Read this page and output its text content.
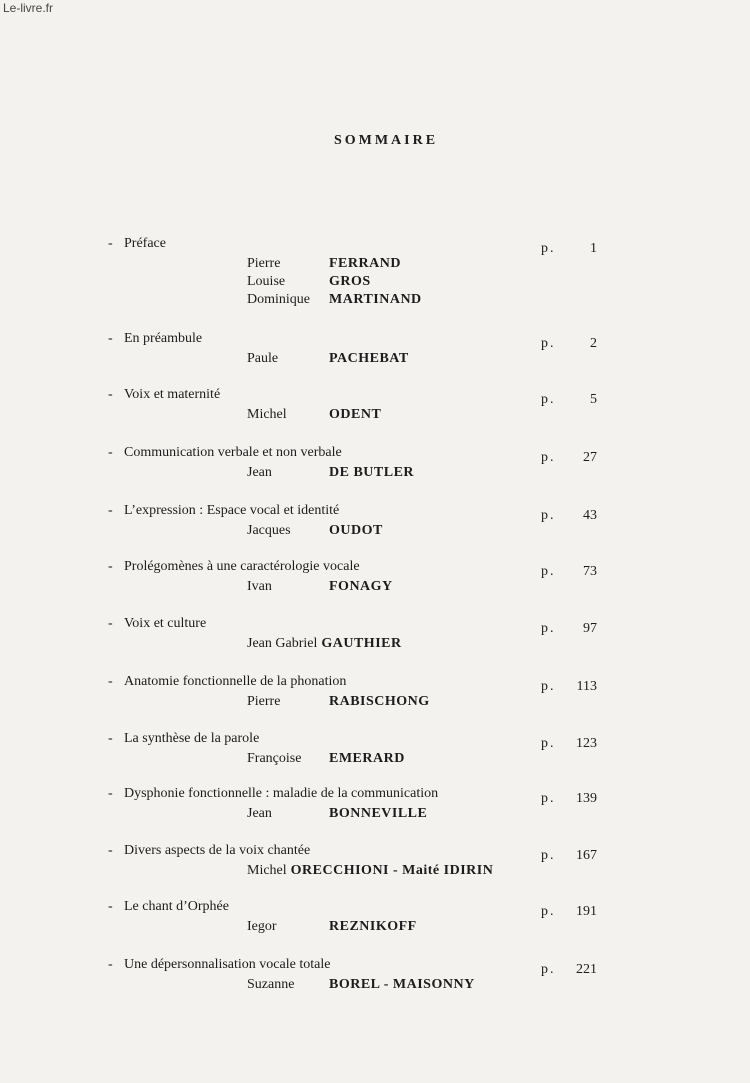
Le-livre.fr
SOMMAIRE
- Préface	p. 1
Pierre	FERRAND
Louise	GROS
Dominique MARTINAND
- En préambule	p. 2
Paule	PACHEBAT
- Voix et maternité	p. 5
Michel	ODENT
- Communication verbale et non verbale	p. 27
Jean	DE BUTLER
- L’expression : Espace vocal et identité	p. 43
Jacques	OUDOT
- Prolégomènes à une caractérologie vocale	p. 73
Ivan	FONAGY
- Voix et culture	p. 97
Jean Gabriel GAUTHIER
- Anatomie fonctionnelle de la phonation	p. 113
Pierre	RABISCHONG
- La synthèse de la parole	p. 123
Françoise EMERARD
- Dysphonie fonctionnelle : maladie de la communication	p. 139
Jean	BONNEVILLE
- Divers aspects de la voix chantée	p. 167
Michel ORECCHIONI - Maité IDIRIN
- Le chant d’Orphée	p. 191
Iegor	REZNIKOFF
- Une dépersonnalisation vocale totale	p. 221
Suzanne BOREL - MAISONNY
